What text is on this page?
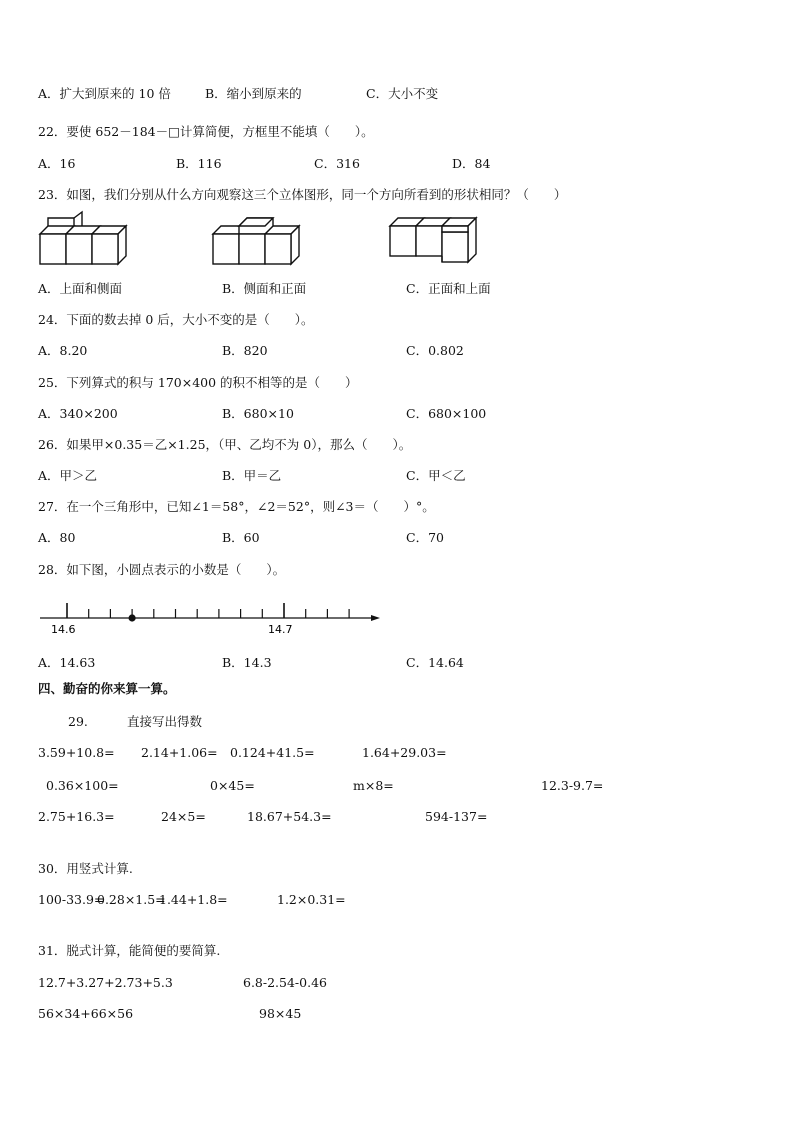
A．扩大到原来的 10 倍	B．缩小到原来的	C．大小不变
22．要使 652－184－□计算简便，方框里不能填（　　）。
A．16	B．116	C．316	D．84
23．如图，我们分别从什么方向观察这三个立体图形，同一个方向所看到的形状相同？（　　）
A．上面和侧面	B．侧面和正面	C．正面和上面
24．下面的数去掉 0 后，大小不变的是（　　）。
A．8.20	B．820	C．0.802
25．下列算式的积与 170×400 的积不相等的是（　　）
A．340×200	B．680×10	C．680×100
26．如果甲×0.35＝乙×1.25，（甲、乙均不为 0），那么（　　）。
A．甲＞乙	B．甲＝乙	C．甲＜乙
27．在一个三角形中，已知∠1＝58°，∠2＝52°，则∠3＝（　　）°。
A．80	B．60	C．70
28．如下图，小圆点表示的小数是（　　）。
14.6	14.7
A．14.63	B．14.3	C．14.64
四、勤奋的你来算一算。
29.	直接写出得数
3.59+10.8= 2.14+1.06= 0.124+41.5=	1.64+29.03=
0.36×100=	0×45=	m×8=	12.3-9.7=
2.75+16.3=	24×5=	18.67+54.3=	594-137=
30．用竖式计算.
100-33.9=
0.28×1.5=
1.44+1.8=	1.2×0.31=
31．脱式计算，能简便的要简算.
12.7+3.27+2.73+5.3	6.8-2.54-0.46
56×34+66×56	98×45
